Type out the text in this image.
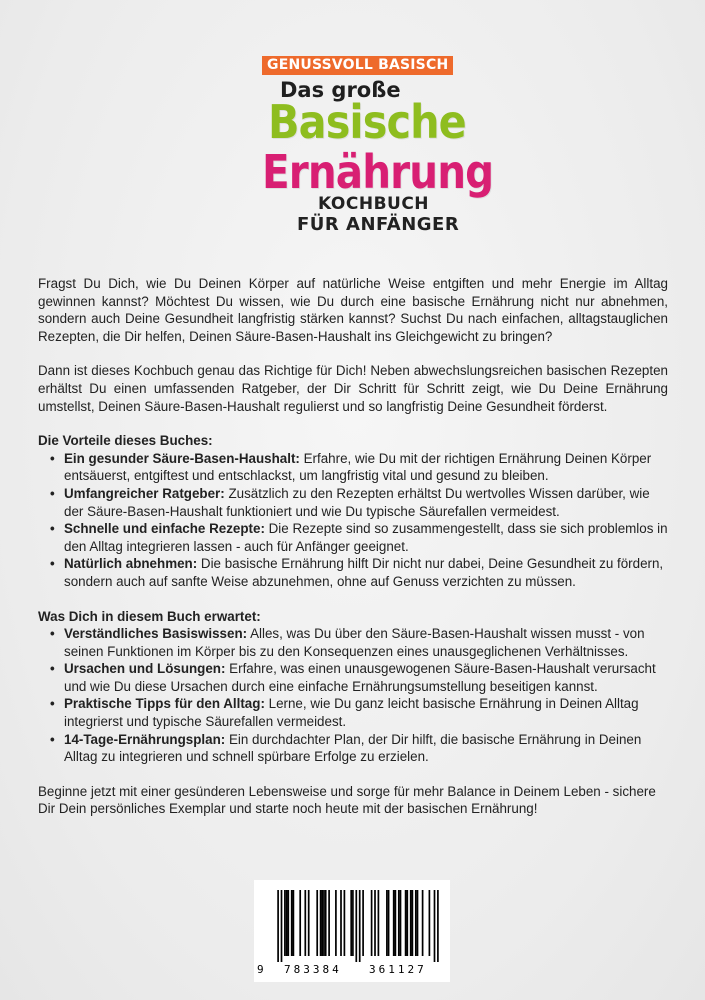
GENUSSVOLL BASISCH
Das große
Basische
Ernährung
KOCHBUCH
FÜR ANFÄNGER

Fragst Du Dich, wie Du Deinen Körper auf natürliche Weise entgiften und mehr Energie im Alltag gewinnen kannst? Möchtest Du wissen, wie Du durch eine basische Ernährung nicht nur abnehmen, sondern auch Deine Gesundheit langfristig stärken kannst? Suchst Du nach einfachen, alltagstauglichen Rezepten, die Dir helfen, Deinen Säure-Basen-Haushalt ins Gleichgewicht zu bringen?

Dann ist dieses Kochbuch genau das Richtige für Dich! Neben abwechslungsreichen basischen Rezepten erhältst Du einen umfassenden Ratgeber, der Dir Schritt für Schritt zeigt, wie Du Deine Ernährung umstellst, Deinen Säure-Basen-Haushalt regulierst und so langfristig Deine Gesundheit förderst.

Die Vorteile dieses Buches:

• Ein gesunder Säure-Basen-Haushalt: Erfahre, wie Du mit der richtigen Ernährung Deinen Körper entsäuerst, entgiftest und entschlackst, um langfristig vital und gesund zu bleiben.
• Umfangreicher Ratgeber: Zusätzlich zu den Rezepten erhältst Du wertvolles Wissen darüber, wie der Säure-Basen-Haushalt funktioniert und wie Du typische Säurefallen vermeidest.
• Schnelle und einfache Rezepte: Die Rezepte sind so zusammengestellt, dass sie sich problemlos in den Alltag integrieren lassen - auch für Anfänger geeignet.
• Natürlich abnehmen: Die basische Ernährung hilft Dir nicht nur dabei, Deine Gesundheit zu fördern, sondern auch auf sanfte Weise abzunehmen, ohne auf Genuss verzichten zu müssen.

Was Dich in diesem Buch erwartet:

• Verständliches Basiswissen: Alles, was Du über den Säure-Basen-Haushalt wissen musst - von seinen Funktionen im Körper bis zu den Konsequenzen eines unausgeglichenen Verhältnisses.
• Ursachen und Lösungen: Erfahre, was einen unausgewogenen Säure-Basen-Haushalt verursacht und wie Du diese Ursachen durch eine einfache Ernährungsumstellung beseitigen kannst.
• Praktische Tipps für den Alltag: Lerne, wie Du ganz leicht basische Ernährung in Deinen Alltag integrierst und typische Säurefallen vermeidest.
• 14-Tage-Ernährungsplan: Ein durchdachter Plan, der Dir hilft, die basische Ernährung in Deinen Alltag zu integrieren und schnell spürbare Erfolge zu erzielen.

Beginne jetzt mit einer gesünderen Lebensweise und sorge für mehr Balance in Deinem Leben - sichere Dir Dein persönliches Exemplar und starte noch heute mit der basischen Ernährung!

9 783384 361127
